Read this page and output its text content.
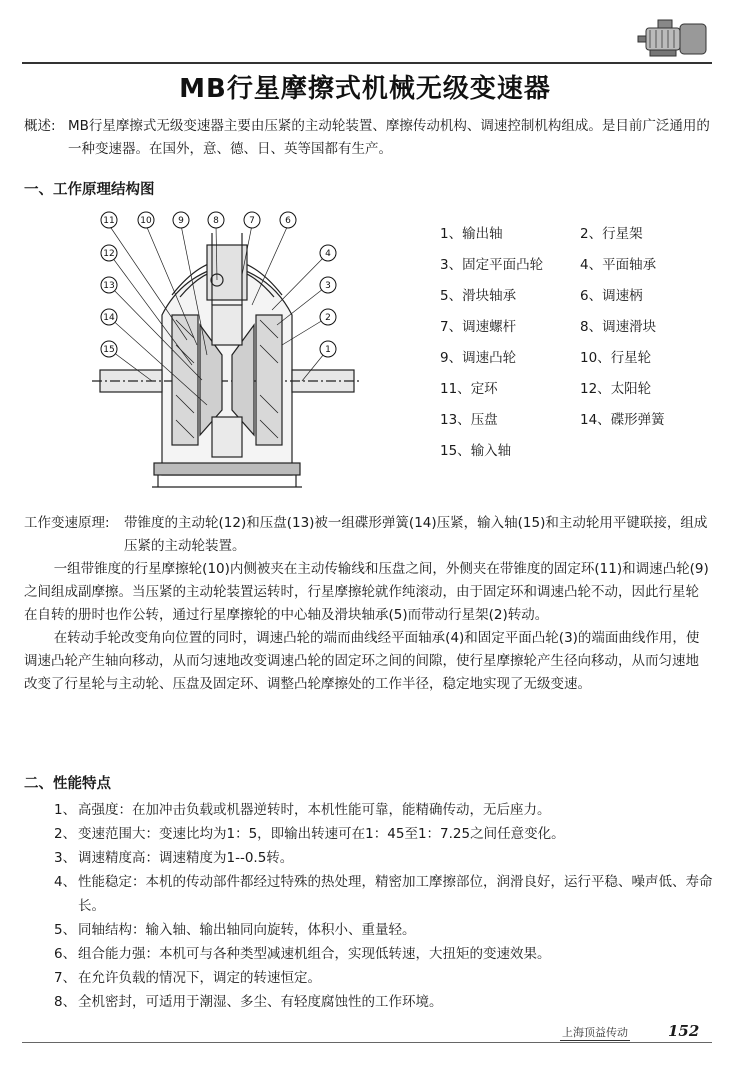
MB行星摩擦式机械无级变速器
概述: MB行星摩擦式无级变速器主要由压紧的主动轮装置、摩擦传动机构、调速控制机构组成。是目前广泛通用的一种变速器。在国外，意、德、日、英等国都有生产。
一、工作原理结构图
11	10	9	8	7	6
12	4
13	3
14	2
15	1
1、输出轴	2、行星架
3、固定平面凸轮	4、平面轴承
5、滑块轴承	6、调速柄
7、调速螺杆	8、调速滑块
9、调速凸轮	10、行星轮
11、定环	12、太阳轮
13、压盘	14、碟形弹簧
15、输入轴
工作变速原理: 带锥度的主动轮(12)和压盘(13)被一组碟形弹簧(14)压紧，输入轴(15)和主动轮用平键联接，组成压紧的主动轮装置。

一组带锥度的行星摩擦轮(10)内侧被夹在主动传输线和压盘之间，外侧夹在带锥度的固定环(11)和调速凸轮(9)之间组成副摩擦。当压紧的主动轮装置运转时，行星摩擦轮就作纯滚动，由于固定环和调速凸轮不动，因此行星轮在自转的册时也作公转，通过行星摩擦轮的中心轴及滑块轴承(5)而带动行星架(2)转动。

在转动手轮改变角向位置的同时，调速凸轮的端而曲线经平面轴承(4)和固定平面凸轮(3)的端面曲线作用，使调速凸轮产生轴向移动，从而匀速地改变调速凸轮的固定环之间的间隙，使行星摩擦轮产生径向移动，从而匀速地改变了行星轮与主动轮、压盘及固定环、调整凸轮摩擦处的工作半径，稳定地实现了无级变速。

二、性能特点
1、 高强度：在加冲击负载或机器逆转时，本机性能可靠，能精确传动，无后座力。
2、 变速范围大：变速比均为1：5，即输出转速可在1：45至1：7.25之间任意变化。
3、 调速精度高：调速精度为1--0.5转。
4、 性能稳定：本机的传动部件都经过特殊的热处理，精密加工摩擦部位，润滑良好，运行平稳、噪声低、寿命长。
5、 同轴结构：输入轴、输出轴同向旋转，体积小、重量轻。
6、 组合能力强：本机可与各种类型减速机组合，实现低转速，大扭矩的变速效果。
7、 在允许负载的情况下，调定的转速恒定。
8、 全机密封，可适用于潮湿、多尘、有轻度腐蚀性的工作环境。
上海顶益传动	152
